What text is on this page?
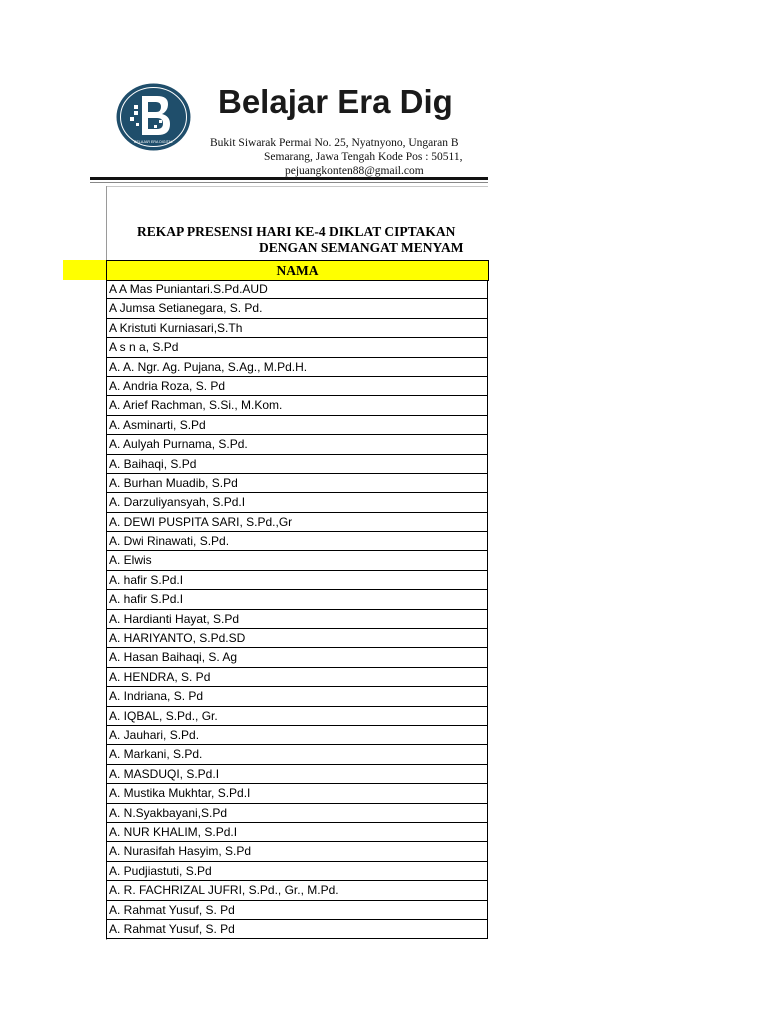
BELAJAR ERA DIGITAL
Belajar Era Dig
Bukit Siwarak Permai No. 25, Nyatnyono, Ungaran B
Semarang, Jawa Tengah Kode Pos : 50511,
pejuangkonten88@gmail.com
REKAP PRESENSI HARI KE-4 DIKLAT CIPTAKAN
DENGAN SEMANGAT MENYAM
NAMA
A A Mas Puniantari.S.Pd.AUD
A Jumsa Setianegara, S. Pd.
A Kristuti Kurniasari,S.Th
A s n a, S.Pd
A. A. Ngr. Ag. Pujana, S.Ag., M.Pd.H.
A. Andria Roza, S. Pd
A. Arief Rachman, S.Si., M.Kom.
A. Asminarti, S.Pd
A. Aulyah Purnama, S.Pd.
A. Baihaqi, S.Pd
A. Burhan Muadib, S.Pd
A. Darzuliyansyah, S.Pd.I
A. DEWI PUSPITA SARI, S.Pd.,Gr
A. Dwi Rinawati, S.Pd.
A. Elwis
A. hafir S.Pd.I
A. hafir S.Pd.I
A. Hardianti Hayat, S.Pd
A. HARIYANTO, S.Pd.SD
A. Hasan Baihaqi, S. Ag
A. HENDRA, S. Pd
A. Indriana, S. Pd
A. IQBAL, S.Pd., Gr.
A. Jauhari, S.Pd.
A. Markani, S.Pd.
A. MASDUQI, S.Pd.I
A. Mustika Mukhtar, S.Pd.I
A. N.Syakbayani,S.Pd
A. NUR KHALIM, S.Pd.I
A. Nurasifah Hasyim, S.Pd
A. Pudjiastuti, S.Pd
A. R. FACHRIZAL JUFRI, S.Pd., Gr., M.Pd.
A. Rahmat Yusuf, S. Pd
A. Rahmat Yusuf, S. Pd
